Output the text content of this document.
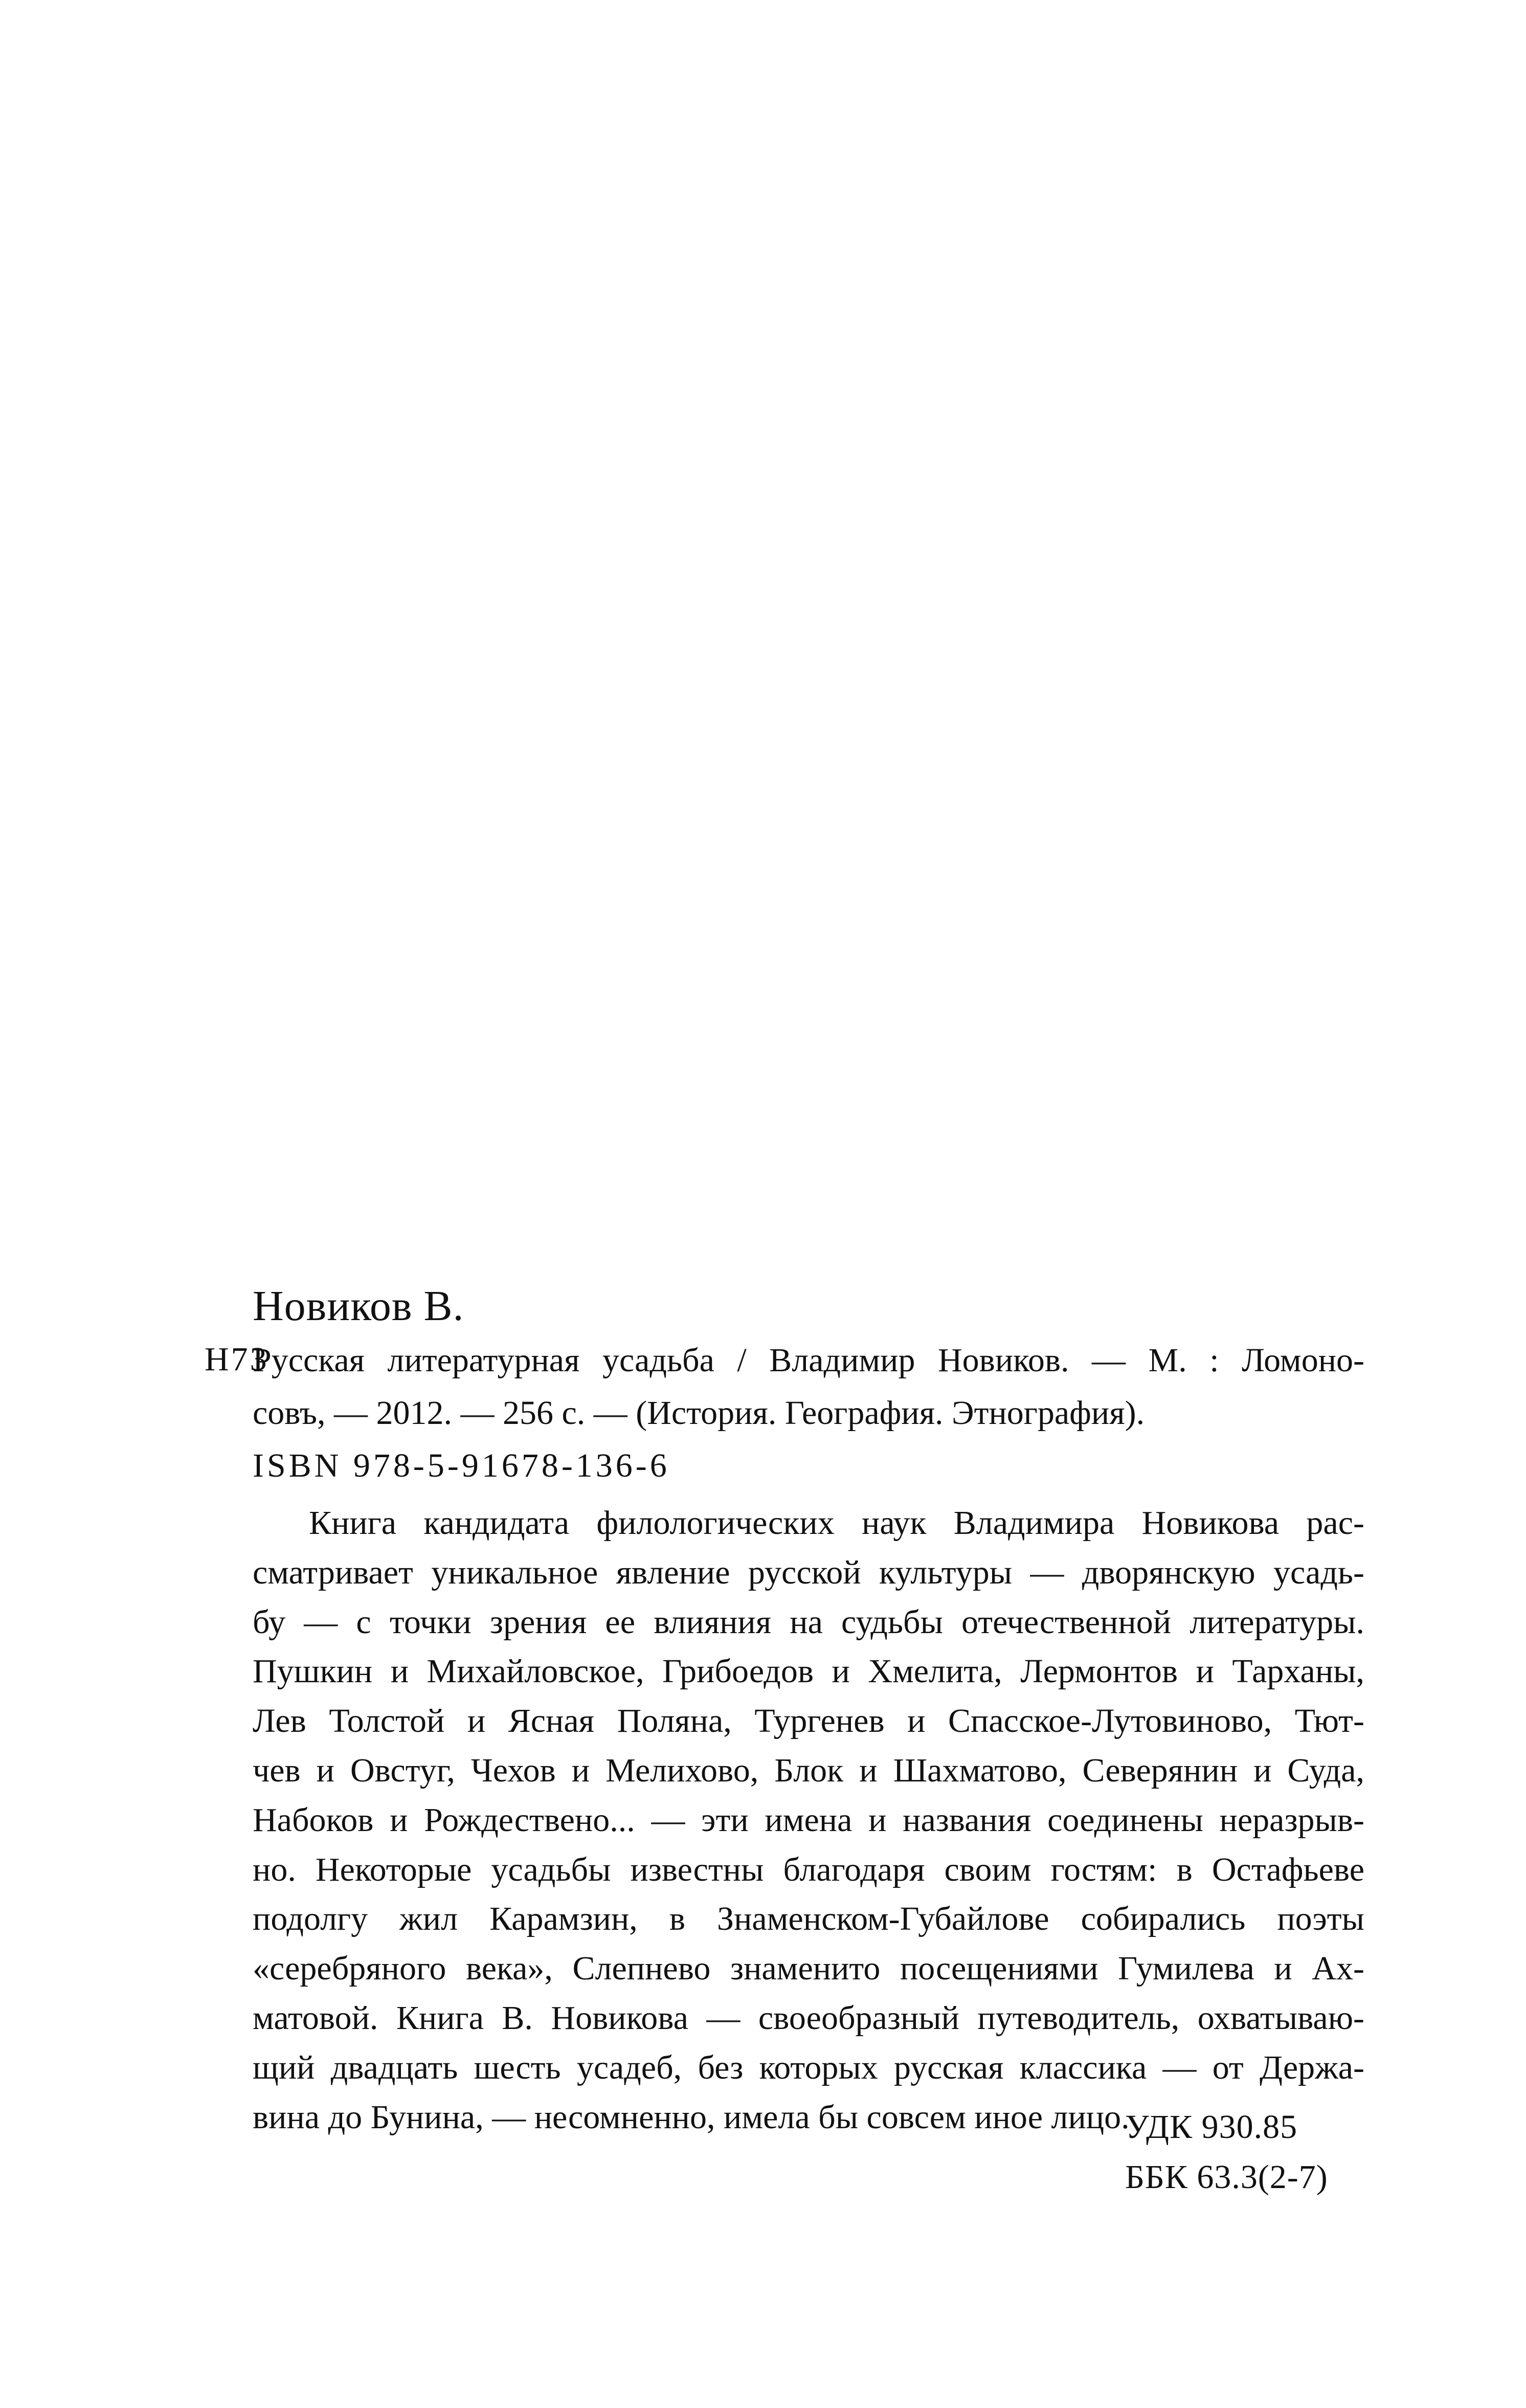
Новиков В.
Н73
Русская литературная усадьба / Владимир Новиков. — М. : Ломоно-
совъ, — 2012. — 256 с. — (История. География. Этнография).
ISBN 978-5-91678-136-6
Книга кандидата филологических наук Владимира Новикова рас-
сматривает уникальное явление русской культуры — дворянскую усадь-
бу — с точки зрения ее влияния на судьбы отечественной литературы.
Пушкин и Михайловское, Грибоедов и Хмелита, Лермонтов и Тарханы,
Лев Толстой и Ясная Поляна, Тургенев и Спасское-Лутовиново, Тют-
чев и Овстуг, Чехов и Мелихово, Блок и Шахматово, Северянин и Суда,
Набоков и Рождествено... — эти имена и названия соединены неразрыв-
но. Некоторые усадьбы известны благодаря своим гостям: в Остафьеве
подолгу жил Карамзин, в Знаменском-Губайлове собирались поэты
«серебряного века», Слепнево знаменито посещениями Гумилева и Ах-
матовой. Книга В. Новикова — своеобразный путеводитель, охватываю-
щий двадцать шесть усадеб, без которых русская классика — от Держа-
вина до Бунина, — несомненно, имела бы совсем иное лицо.
УДК 930.85
ББК 63.3(2-7)
